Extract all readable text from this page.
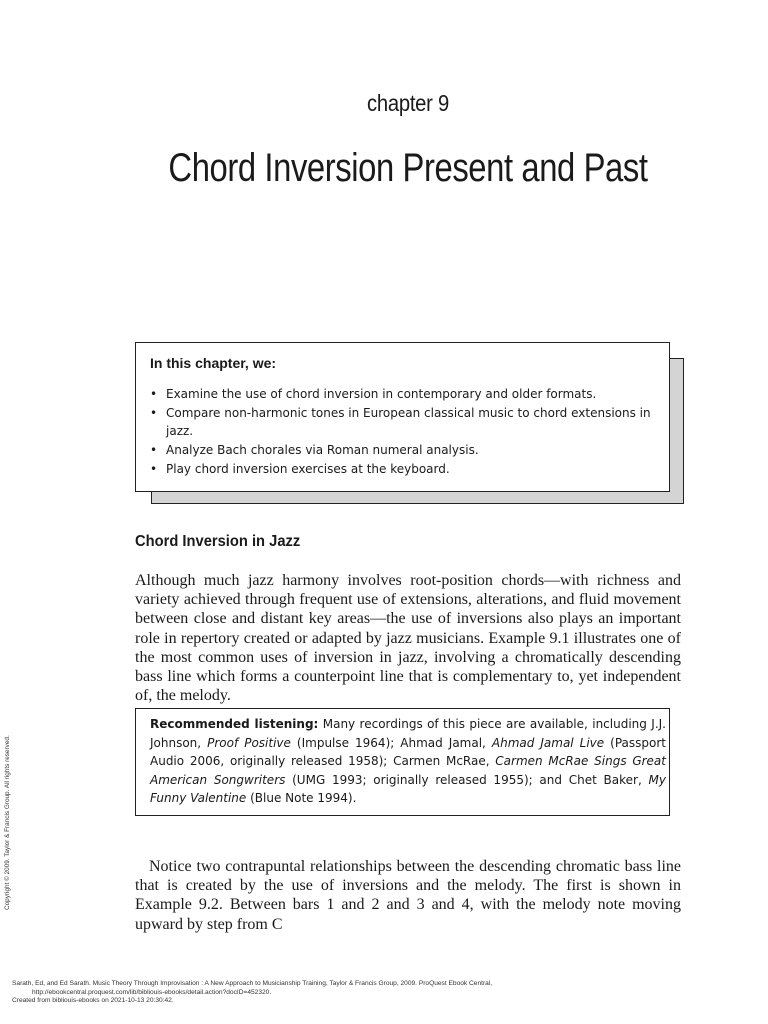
chapter 9
Chord Inversion Present and Past
In this chapter, we:
• Examine the use of chord inversion in contemporary and older formats.
• Compare non-harmonic tones in European classical music to chord extensions in jazz.
• Analyze Bach chorales via Roman numeral analysis.
• Play chord inversion exercises at the keyboard.
Chord Inversion in Jazz
Although much jazz harmony involves root-position chords—with richness and variety achieved through frequent use of extensions, alterations, and fluid movement between close and distant key areas—the use of inversions also plays an important role in repertory created or adapted by jazz musicians. Example 9.1 illustrates one of the most common uses of inversion in jazz, involving a chromatically descending bass line which forms a counterpoint line that is complementary to, yet independent of, the melody.
Recommended listening: Many recordings of this piece are available, including J.J. Johnson, Proof Positive (Impulse 1964); Ahmad Jamal, Ahmad Jamal Live (Passport Audio 2006, originally released 1958); Carmen McRae, Carmen McRae Sings Great American Songwriters (UMG 1993; originally released 1955); and Chet Baker, My Funny Valentine (Blue Note 1994).
Notice two contrapuntal relationships between the descending chromatic bass line that is created by the use of inversions and the melody. The first is shown in Example 9.2. Between bars 1 and 2 and 3 and 4, with the melody note moving upward by step from C
Copyright © 2009. Taylor & Francis Group. All rights reserved.
Sarath, Ed, and Ed Sarath. Music Theory Through Improvisation : A New Approach to Musicianship Training, Taylor & Francis Group, 2009. ProQuest Ebook Central,
http://ebookcentral.proquest.com/lib/bibliouis-ebooks/detail.action?docID=452320.
Created from bibliouis-ebooks on 2021-10-13 20:30:42.
